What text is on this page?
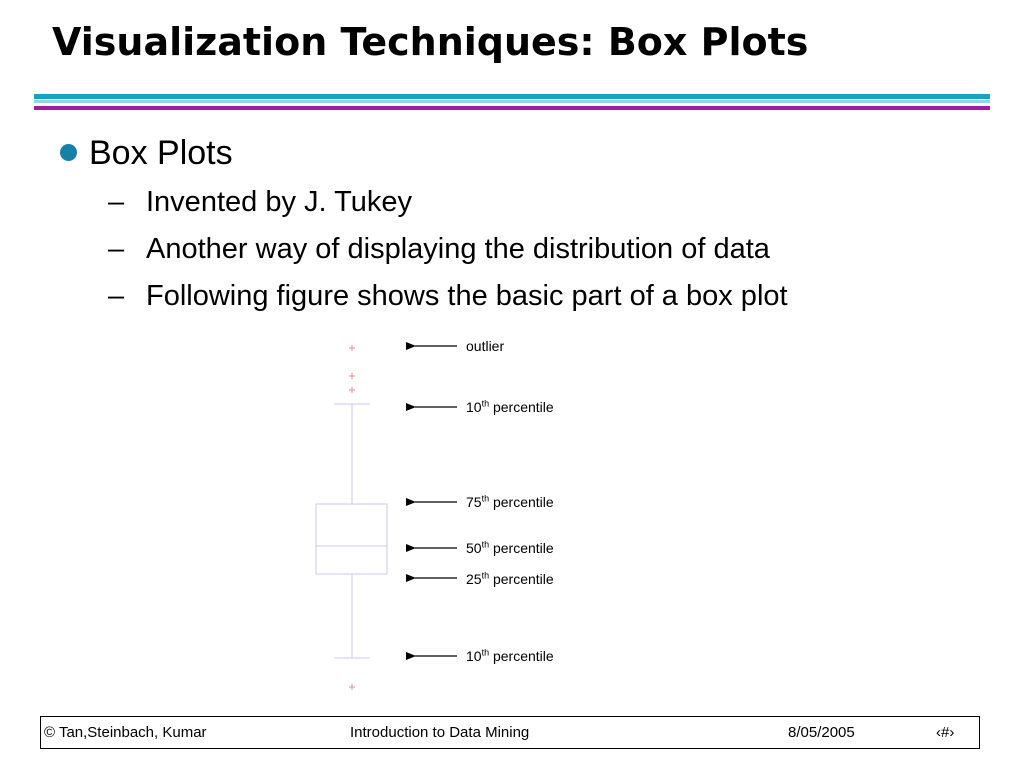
Visualization Techniques: Box Plots
Box Plots
– Invented by J. Tukey
– Another way of displaying the distribution of data
– Following figure shows the basic part of a box plot
outlier
10th percentile
75th percentile
50th percentile
25th percentile
10th percentile
© Tan,Steinbach, Kumar	Introduction to Data Mining	8/05/2005	‹#›
